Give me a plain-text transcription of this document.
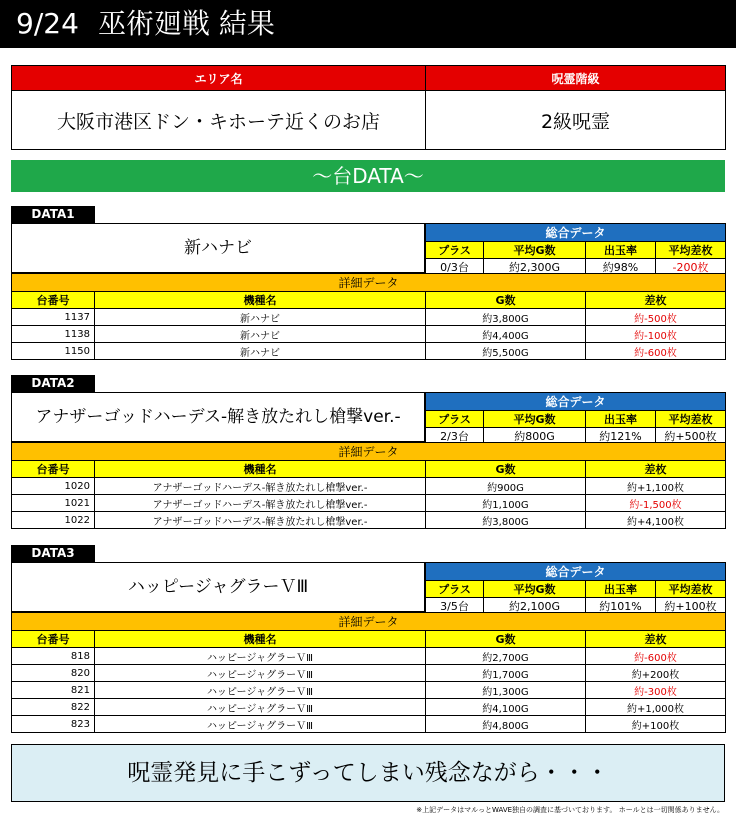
9/24 巫術廻戦 結果
エリア名	呪霊階級
大阪市港区ドン・キホーテ近くのお店	2級呪霊
～台DATA～
DATA1
新ハナビ
総合データ			
プラス	平均G数	出玉率	平均差枚
0/3台	約2,300G	約98%	-200枚
詳細データ			
台番号	機種名	G数	差枚
1137	新ハナビ	約3,800G	約-500枚
1138	新ハナビ	約4,400G	約-100枚
1150	新ハナビ	約5,500G	約-600枚
DATA2
アナザーゴッドハーデス-解き放たれし槍撃ver.-
総合データ			
プラス	平均G数	出玉率	平均差枚
2/3台	約800G	約121%	約+500枚
詳細データ			
台番号	機種名	G数	差枚
1020	アナザーゴッドハーデス-解き放たれし槍撃ver.-	約900G	約+1,100枚
1021	アナザーゴッドハーデス-解き放たれし槍撃ver.-	約1,100G	約-1,500枚
1022	アナザーゴッドハーデス-解き放たれし槍撃ver.-	約3,800G	約+4,100枚
DATA3
ハッピージャグラーＶⅢ
総合データ			
プラス	平均G数	出玉率	平均差枚
3/5台	約2,100G	約101%	約+100枚
詳細データ			
台番号	機種名	G数	差枚
818	ハッピージャグラーＶⅢ	約2,700G	約-600枚
820	ハッピージャグラーＶⅢ	約1,700G	約+200枚
821	ハッピージャグラーＶⅢ	約1,300G	約-300枚
822	ハッピージャグラーＶⅢ	約4,100G	約+1,000枚
823	ハッピージャグラーＶⅢ	約4,800G	約+100枚
呪霊発見に手こずってしまい残念ながら・・・
※上記データはマルっとWAVE独自の調査に基づいております。 ホールとは一切関係ありません。
